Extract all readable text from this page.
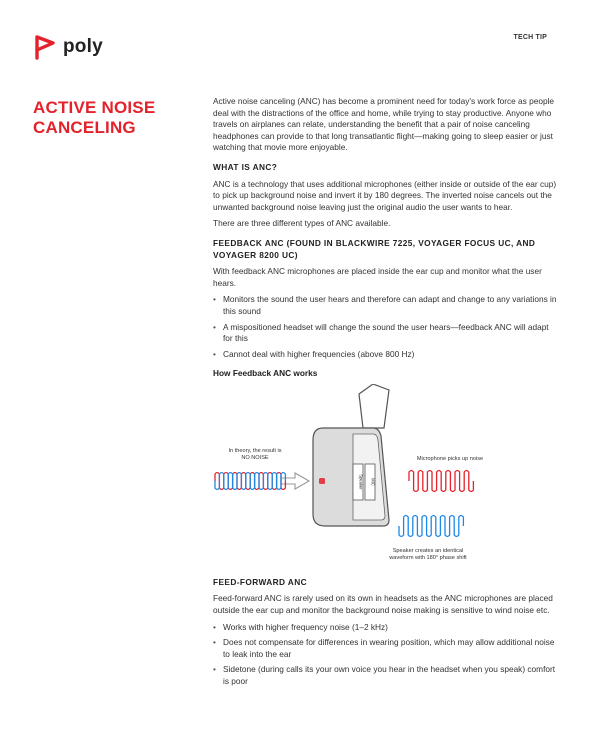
poly	TECH TIP
ACTIVE NOISE
CANCELING

Active noise canceling (ANC) has become a prominent need for today's work force as people deal with the distractions of the office and home, while trying to stay productive. Anyone who travels on airplanes can relate, understanding the benefit that a pair of noise canceling headphones can provide to that long transatlantic flight—making going to sleep easier or just watching that movie more enjoyable.

WHAT IS ANC?

ANC is a technology that uses additional microphones (either inside or outside of the ear cup) to pick up background noise and invert it by 180 degrees. The inverted noise cancels out the unwanted background noise leaving just the original audio the user wants to hear.

There are three different types of ANC available.

FEEDBACK ANC (FOUND IN BLACKWIRE 7225, VOYAGER FOCUS UC, AND VOYAGER 8200 UC)

With feedback ANC microphones are placed inside the ear cup and monitor what the user hears.

• Monitors the sound the user hears and therefore can adapt and change to any variations in this sound
• A mispositioned headset will change the sound the user hears—feedback ANC will adapt for this
• Cannot deal with higher frequencies (above 800 Hz)
How Feedback ANC works
Speaker MIC
In theory, the result is
NO NOISE	Microphone picks up noise
Speaker creates an identical
waveform with 180° phase shift
FEED-FORWARD ANC

Feed-forward ANC is rarely used on its own in headsets as the ANC microphones are placed outside the ear cup and monitor the background noise making is sensitive to wind noise etc.

• Works with higher frequency noise (1–2 kHz)
• Does not compensate for differences in wearing position, which may allow additional noise to leak into the ear
• Sidetone (during calls its your own voice you hear in the headset when you speak) comfort is poor
